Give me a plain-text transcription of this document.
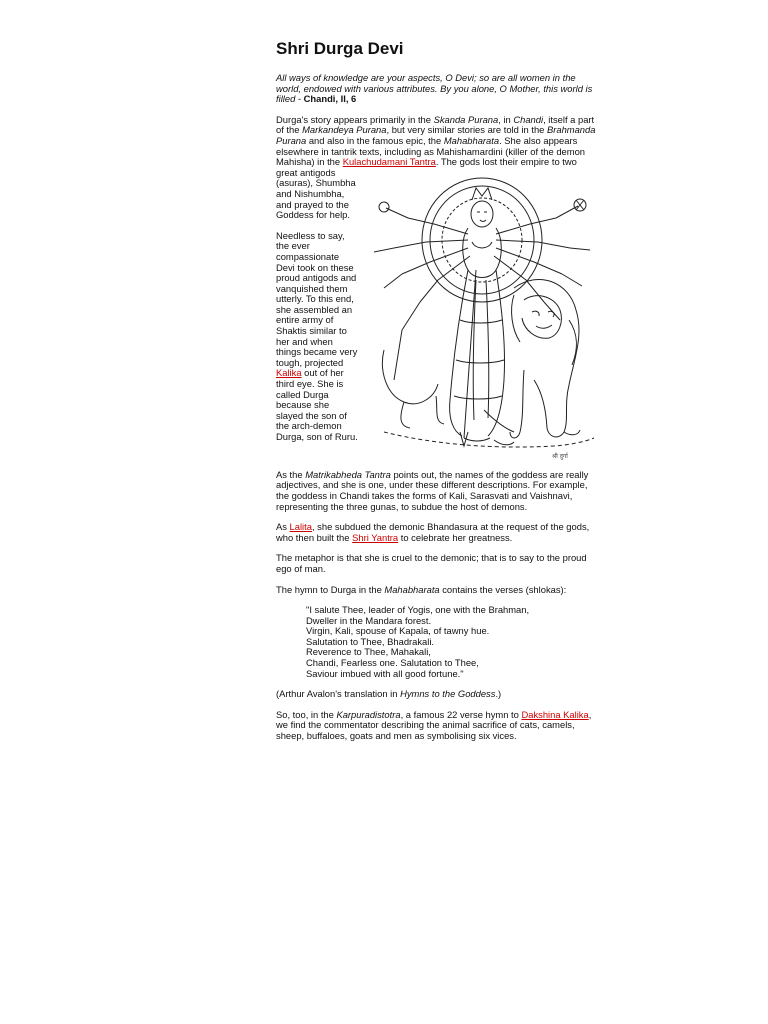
Shri Durga Devi

All ways of knowledge are your aspects, O Devi; so are all women in the world, endowed with various attributes. By you alone, O Mother, this world is filled - Chandi, II, 6

Durga's story appears primarily in the Skanda Purana, in Chandi, itself a part of the Markandeya Purana, but very similar stories are told in the Brahmanda Purana and also in the famous epic, the Mahabharata. She also appears elsewhere in tantrik texts, including as Mahishamardini (killer of the demon Mahisha) in the Kulachudamani Tantra
श्री दुर्गा
. The gods lost their empire to two great antigods (asuras), Shumbha and Nishumbha, and prayed to the Goddess for help.

Needless to say, the ever compassionate Devi took on these proud antigods and vanquished them utterly. To this end, she assembled an entire army of Shaktis similar to her and when things became very tough, projected Kalika out of her third eye. She is called Durga because she slayed the son of the arch-demon Durga, son of Ruru.

As the Matrikabheda Tantra points out, the names of the goddess are really adjectives, and she is one, under these different descriptions. For example, the goddess in Chandi takes the forms of Kali, Sarasvati and Vaishnavi, representing the three gunas, to subdue the host of demons.

As Lalita, she subdued the demonic Bhandasura at the request of the gods, who then built the Shri Yantra to celebrate her greatness.

The metaphor is that she is cruel to the demonic; that is to say to the proud ego of man.

The hymn to Durga in the Mahabharata contains the verses (shlokas):

"I salute Thee, leader of Yogis, one with the Brahman,
Dweller in the Mandara forest.
Virgin, Kali, spouse of Kapala, of tawny hue.
Salutation to Thee, Bhadrakali.
Reverence to Thee, Mahakali,
Chandi, Fearless one. Salutation to Thee,
Saviour imbued with all good fortune."

(Arthur Avalon's translation in Hymns to the Goddess.)

So, too, in the Karpuradistotra, a famous 22 verse hymn to Dakshina Kalika, we find the commentator describing the animal sacrifice of cats, camels, sheep, buffaloes, goats and men as symbolising six vices.
